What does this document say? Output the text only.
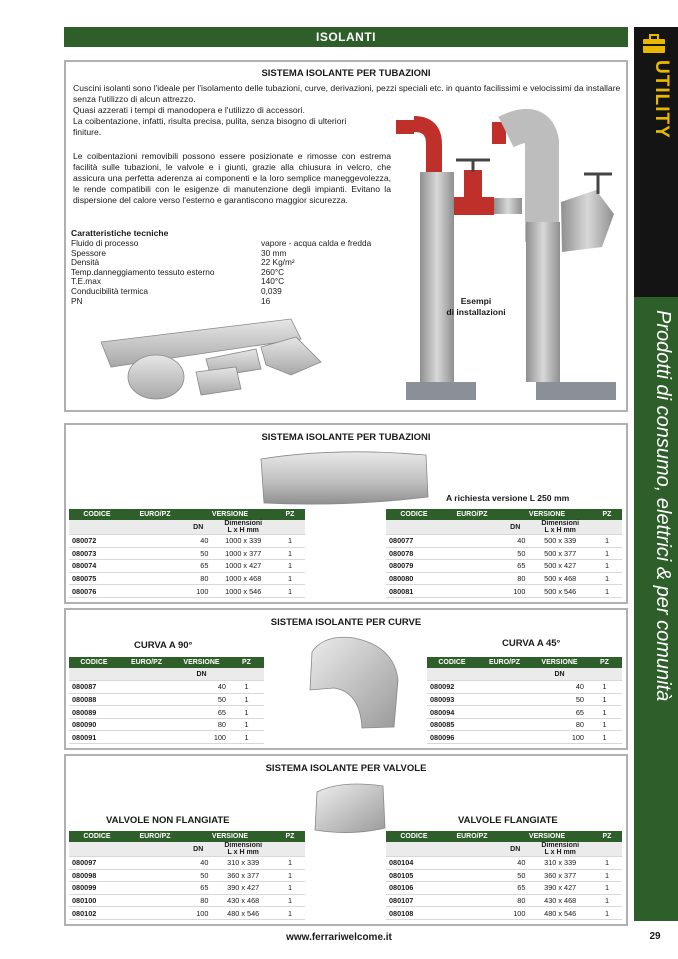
ISOLANTI
UTILITY
Prodotti di consumo, elettrici & per comunità
SISTEMA ISOLANTE PER TUBAZIONI
Cuscini isolanti sono l'ideale per l'isolamento delle tubazioni, curve, derivazioni, pezzi speciali etc. in quanto facilissimi e velocissimi da installare senza l'utilizzo di alcun attrezzo.
Quasi azzerati i tempi di manodopera e l'utilizzo di accessori.
La coibentazione, infatti, risulta precisa, pulita, senza bisogno di ulteriori finiture.
Le coibentazioni removibili possono essere posizionate e rimosse con estrema facilità sulle tubazioni, le valvole e i giunti, grazie alla chiusura in velcro, che assicura una perfetta aderenza ai componenti e la loro semplice maneggevolezza, le rende compatibili con le esigenze di manutenzione degli impianti. Evitano la dispersione del calore verso l'esterno e garantiscono maggior sicurezza.
Caratteristiche tecniche
Fluido di processo	vapore - acqua calda e fredda
Spessore	30 mm
Densità	22 Kg/m²
Temp.danneggiamento tessuto esterno	260°C
T.E.max	140°C
Conducibilità termica	0,039
PN	16	Esempi
di installazioni
SISTEMA ISOLANTE PER TUBAZIONI
A richiesta versione L 250 mm
CODICE	EURO/PZ	VERSIONE		PZ
		DN	Dimensioni
L x H mm	

080072		40	1000 x 339	1
080073		50	1000 x 377	1
080074		65	1000 x 427	1
080075		80	1000 x 468	1
080076		100	1000 x 546	1
CODICE	EURO/PZ	VERSIONE		PZ
		DN	Dimensioni
L x H mm	

080077		40	500 x 339	1
080078		50	500 x 377	1
080079		65	500 x 427	1
080080		80	500 x 468	1
080081		100	500 x 546	1
SISTEMA ISOLANTE PER CURVE
CURVA A 90°	CURVA A 45°
CODICE	EURO/PZ	VERSIONE	PZ
		DN	
080087		40	1
080088		50	1
080089		65	1
080090		80	1
080091		100	1
CODICE	EURO/PZ	VERSIONE	PZ
		DN	
080092		40	1
080093		50	1
080094		65	1
080085		80	1
080096		100	1
SISTEMA ISOLANTE PER VALVOLE
VALVOLE NON FLANGIATE	VALVOLE FLANGIATE
CODICE	EURO/PZ	VERSIONE		PZ
		DN	Dimensioni
L x H mm	

080097		40	310 x 339	1
080098		50	360 x 377	1
080099		65	390 x 427	1
080100		80	430 x 468	1
080102		100	480 x 546	1
CODICE	EURO/PZ	VERSIONE		PZ
		DN	Dimensioni
L x H mm	

080104		40	310 x 339	1
080105		50	360 x 377	1
080106		65	390 x 427	1
080107		80	430 x 468	1
080108		100	480 x 546	1
www.ferrariwelcome.it	29
